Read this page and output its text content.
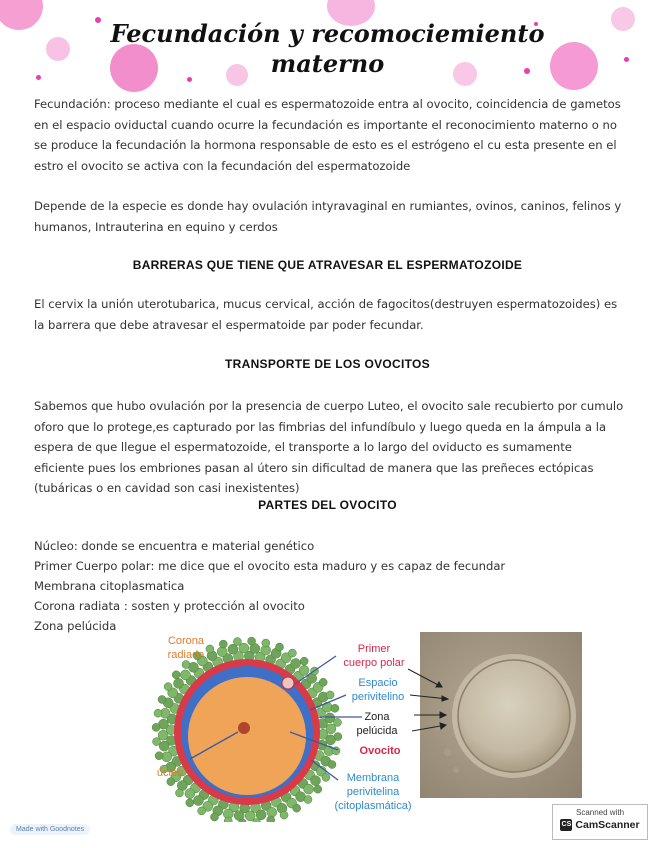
Fecundación y recomociemiento
materno
Fecundación: proceso mediante el cual es espermatozoide entra al ovocito, coincidencia de gametos en el espacio oviductal cuando ocurre la fecundación es importante el reconocimiento materno o no se produce la fecundación la hormona responsable de esto es el estrógeno el cu esta presente en el estro el ovocito se activa con la fecundación del espermatozoide
Depende de la especie es donde hay ovulación intyravaginal en rumiantes, ovinos, caninos, felinos y humanos, Intrauterina en equino y cerdos
BARRERAS QUE TIENE QUE ATRAVESAR EL ESPERMATOZOIDE
El cervix la unión uterotubarica, mucus cervical, acción de fagocitos(destruyen espermatozoides) es la barrera que debe atravesar el espermatoide par poder fecundar.
TRANSPORTE DE LOS OVOCITOS
Sabemos que hubo ovulación por la presencia de cuerpo Luteo, el ovocito sale recubierto por cumulo oforo que lo protege,es capturado por las fimbrias del infundíbulo y luego queda en la ámpula a la espera de que llegue el espermatozoide, el transporte a lo largo del oviducto es sumamente eficiente pues los embriones pasan al útero sin dificultad de manera que las preñeces ectópicas (tubáricas o en cavidad son casi inexistentes)
PARTES DEL OVOCITO
Núcleo: donde se encuentra e material genético
Primer Cuerpo polar: me dice que el ovocito esta maduro y es capaz de fecundar
Membrana citoplasmatica
Corona radiata : sosten y protección al ovocito
Zona pelúcida
Corona
radiada
úcleo
Primer
cuerpo polar
Espacio
perivitelino
Zona
pelúcida
Ovocito
Membrana
perivitelina
(citoplasmática)
Made with Goodnotes
Scanned with
CS CamScanner
